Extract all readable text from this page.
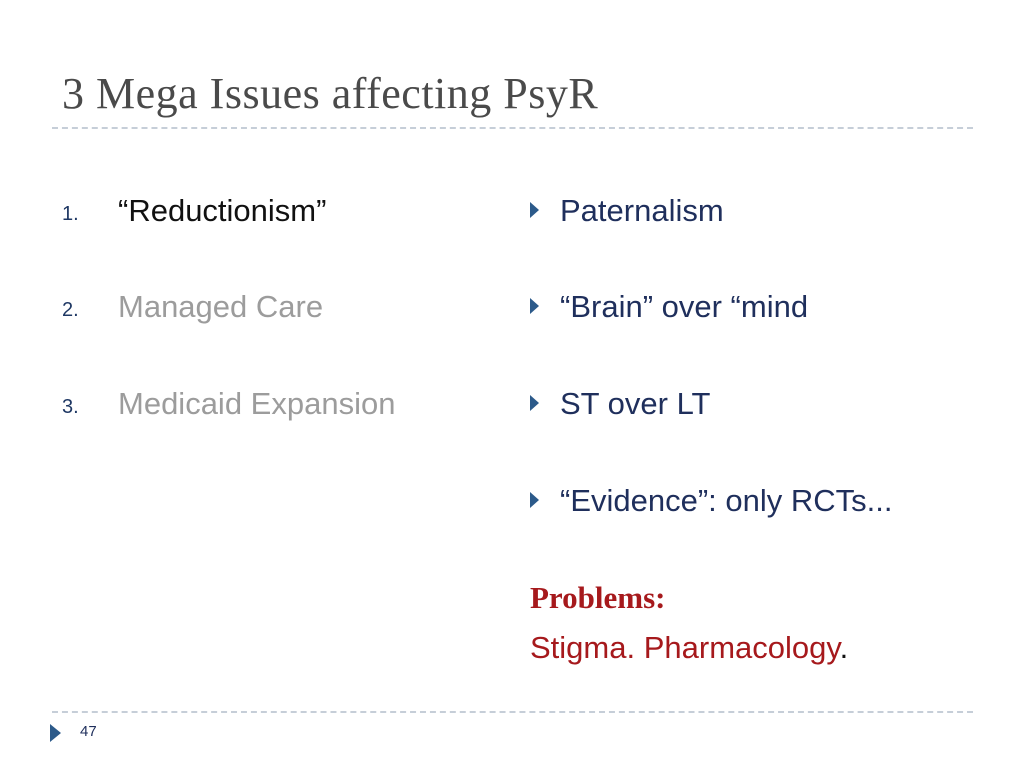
3 Mega Issues affecting PsyR
1. “Reductionism”
2. Managed Care
3. Medicaid Expansion
Paternalism
“Brain” over “mind
ST over LT
“Evidence”: only RCTs...
Problems:
Stigma. Pharmacology.
47
